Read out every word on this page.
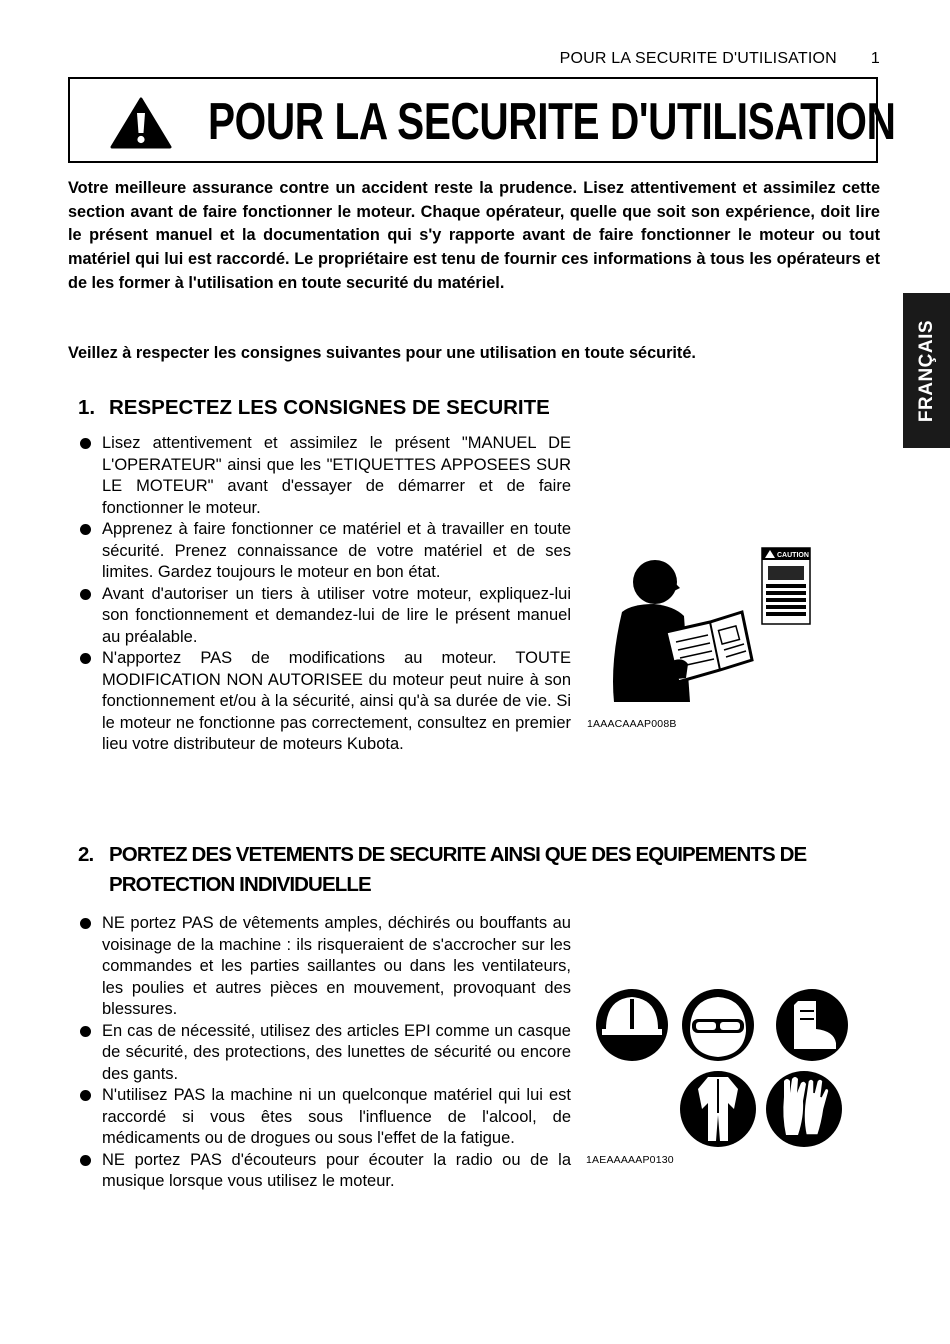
POUR LA SECURITE D'UTILISATION 1
POUR LA SECURITE D'UTILISATION

Votre meilleure assurance contre un accident reste la prudence. Lisez attentivement et assimilez cette section avant de faire fonctionner le moteur. Chaque opérateur, quelle que soit son expérience, doit lire le présent manuel et la documentation qui s'y rapporte avant de faire fonctionner le moteur ou tout matériel qui lui est raccordé. Le propriétaire est tenu de fournir ces informations à tous les opérateurs et de les former à l'utilisation en toute securité du matériel.

Veillez à respecter les consignes suivantes pour une utilisation en toute sécurité.	FRANÇAIS
1. RESPECTEZ LES CONSIGNES DE SECURITE
Lisez attentivement et assimilez le présent "MANUEL DE L'OPERATEUR" ainsi que les "ETIQUETTES APPOSEES SUR LE MOTEUR" avant d'essayer de démarrer et de faire fonctionner le moteur.
Apprenez à faire fonctionner ce matériel et à travailler en toute sécurité. Prenez connaissance de votre matériel et de ses limites. Gardez toujours le moteur en bon état.
Avant d'autoriser un tiers à utiliser votre moteur, expliquez-lui son fonctionnement et demandez-lui de lire le présent manuel au préalable.
N'apportez PAS de modifications au moteur. TOUTE MODIFICATION NON AUTORISEE du moteur peut nuire à son fonctionnement et/ou à la sécurité, ainsi qu'à sa durée de vie. Si le moteur ne fonctionne pas correctement, consultez en premier lieu votre distributeur de moteurs Kubota.
CAUTION
1AAACAAAP008B
2. PORTEZ DES VETEMENTS DE SECURITE AINSI QUE DES EQUIPEMENTS DE PROTECTION INDIVIDUELLE
NE portez PAS de vêtements amples, déchirés ou bouffants au voisinage de la machine : ils risqueraient de s'accrocher sur les commandes et les parties saillantes ou dans les ventilateurs, les poulies et autres pièces en mouvement, provoquant des blessures.
En cas de nécessité, utilisez des articles EPI comme un casque de sécurité, des protections, des lunettes de sécurité ou encore des gants.
N'utilisez PAS la machine ni un quelconque matériel qui lui est raccordé si vous êtes sous l'influence de l'alcool, de médicaments ou de drogues ou sous l'effet de la fatigue.
NE portez PAS d'écouteurs pour écouter la radio ou de la musique lorsque vous utilisez le moteur.
1AEAAAAAP0130
